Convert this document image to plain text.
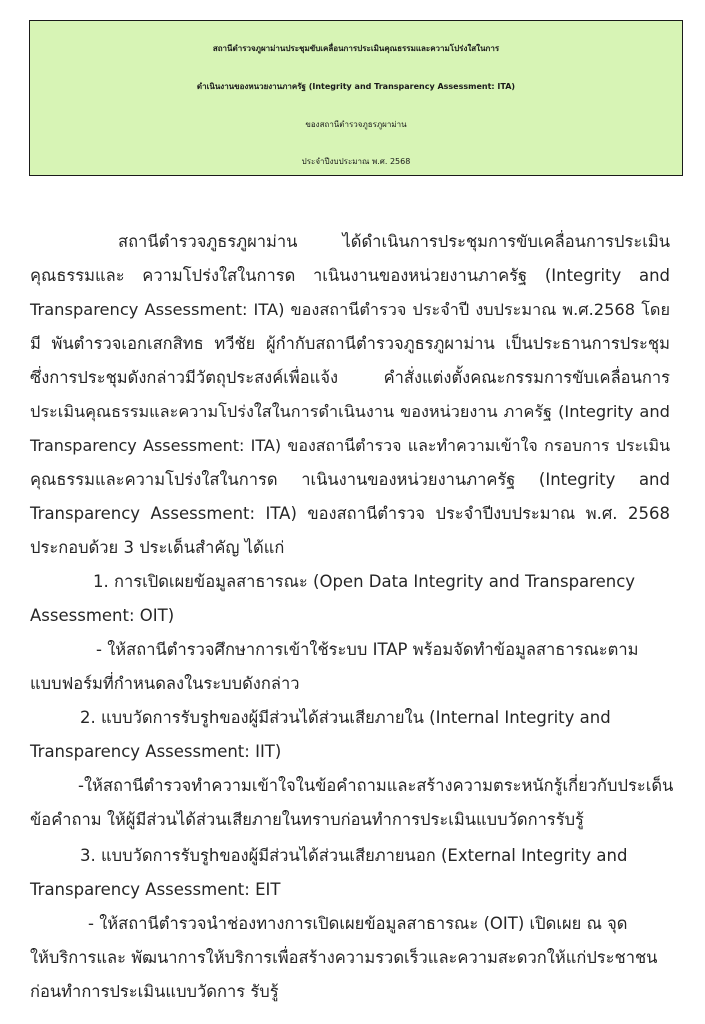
สถานีตำรวจภูผาม่านประชุมขับเคลื่อนการประเมินคุณธรรมและความโปร่งใสในการ
ดำเนินงานของหนวยงานภาครัฐ (Integrity and Transparency Assessment: ITA)
ของสถานีตำรวจภูธรภูผาม่าน
ประจำปีงบประมาณ พ.ศ. 2568
สถานีตำรวจภูธรภูผาม่าน ได้ดำเนินการประชุมการขับเคลื่อนการประเมิน
คุณธรรมและ ความโปร่งใสในการด าเนินงานของหน่วยงานภาครัฐ (Integrity and
Transparency Assessment: ITA) ของสถานีตำรวจ ประจำปี งบประมาณ พ.ศ.2568 โดย
มี พันตำรวจเอกเสกสิทธ ทวีชัย ผู้กำกับสถานีตำรวจภูธรภูผาม่าน เป็นประธานการประชุม
ซึ่งการประชุมดังกล่าวมีวัตถุประสงค์เพื่อแจ้ง คำสั่งแต่งตั้งคณะกรรมการขับเคลื่อนการ
ประเมินคุณธรรมและความโปร่งใสในการดำเนินงาน ของหน่วยงาน ภาครัฐ (Integrity and
Transparency Assessment: ITA) ของสถานีตำรวจ และทำความเข้าใจ กรอบการ ประเมิน
คุณธรรมและความโปร่งใสในการด าเนินงานของหน่วยงานภาครัฐ (Integrity and
Transparency Assessment: ITA) ของสถานีตำรวจ ประจำปีงบประมาณ พ.ศ. 2568
ประกอบด้วย 3 ประเด็นสำคัญ ได้แก่
1. การเปิดเผยข้อมูลสาธารณะ (Open Data Integrity and Transparency
Assessment: OIT)
- ให้สถานีตำรวจศึกษาการเข้าใช้ระบบ ITAP พร้อมจัดทำข้อมูลสาธารณะตาม
แบบฟอร์มที่กำหนดลงในระบบดังกล่าว
2. แบบวัดการรับรูhของผู้มีส่วนได้ส่วนเสียภายใน (Internal Integrity and
Transparency Assessment: IIT)
-ให้สถานีตำรวจทำความเข้าใจในข้อคำถามและสร้างความตระหนักรู้เกี่ยวกับประเด็น
ข้อคำถาม ให้ผู้มีส่วนได้ส่วนเสียภายในทราบก่อนทำการประเมินแบบวัดการรับรู้
3. แบบวัดการรับรูhของผู้มีส่วนได้ส่วนเสียภายนอก (External Integrity and
Transparency Assessment: EIT
- ให้สถานีตำรวจนำช่องทางการเปิดเผยข้อมูลสาธารณะ (OIT) เปิดเผย ณ จุด
ให้บริการและ พัฒนาการให้บริการเพื่อสร้างความรวดเร็วและความสะดวกให้แก่ประชาชน
ก่อนทำการประเมินแบบวัดการ รับรู้
